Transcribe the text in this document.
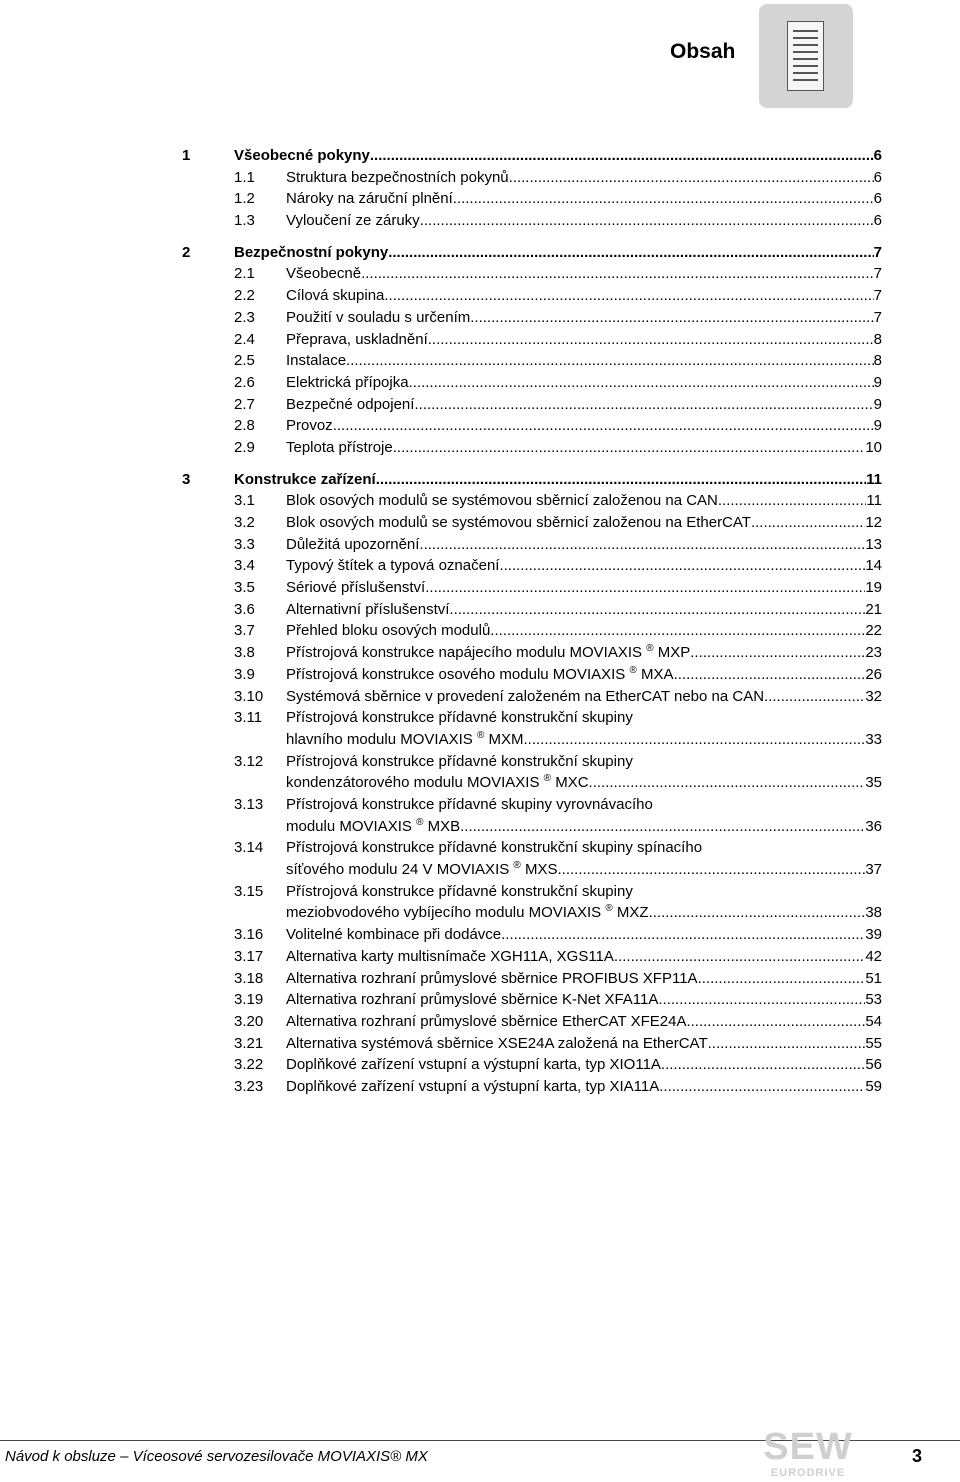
Obsah
1	Všeobecné pokyny .....	6
1.1 Struktura bezpečnostních pokynů .....	6
1.2 Nároky na záruční plnění .....	6
1.3 Vyloučení ze záruky .....	6
2	Bezpečnostní pokyny .....	7
2.1 Všeobecně .....	7
2.2 Cílová skupina .....	7
2.3 Použití v souladu s určením .....	7
2.4 Přeprava, uskladnění .....	8
2.5 Instalace .....	8
2.6 Elektrická přípojka .....	9
2.7 Bezpečné odpojení .....	9
2.8 Provoz .....	9
2.9 Teplota přístroje .....	10
3	Konstrukce zařízení .....	11
3.1 Blok osových modulů se systémovou sběrnicí založenou na CAN .....	11
3.2 Blok osových modulů se systémovou sběrnicí založenou na EtherCAT .....	12
3.3 Důležitá upozornění .....	13
3.4 Typový štítek a typová označení .....	14
3.5 Sériové příslušenství .....	19
3.6 Alternativní příslušenství .....	21
3.7 Přehled bloku osových modulů .....	22
3.8 Přístrojová konstrukce napájecího modulu MOVIAXIS ® MXP .....	23
3.9 Přístrojová konstrukce osového modulu MOVIAXIS ® MXA .....	26
3.10 Systémová sběrnice v provedení založeném na EtherCAT nebo na CAN .....	32
3.11 Přístrojová konstrukce přídavné konstrukční skupiny
hlavního modulu MOVIAXIS ® MXM .....	33
3.12 Přístrojová konstrukce přídavné konstrukční skupiny
kondenzátorového modulu MOVIAXIS ® MXC .....	35
3.13 Přístrojová konstrukce přídavné skupiny vyrovnávacího
modulu MOVIAXIS ® MXB .....	36
3.14 Přístrojová konstrukce přídavné konstrukční skupiny spínacího
síťového modulu 24 V MOVIAXIS ® MXS .....	37
3.15 Přístrojová konstrukce přídavné konstrukční skupiny
meziobvodového vybíjecího modulu MOVIAXIS ® MXZ .....	38
3.16 Volitelné kombinace při dodávce .....	39
3.17 Alternativa karty multisnímače XGH11A, XGS11A .....	42
3.18 Alternativa rozhraní průmyslové sběrnice PROFIBUS XFP11A .....	51
3.19 Alternativa rozhraní průmyslové sběrnice K-Net XFA11A .....	53
3.20 Alternativa rozhraní průmyslové sběrnice EtherCAT XFE24A .....	54
3.21 Alternativa systémová sběrnice XSE24A založená na EtherCAT .....	55
3.22 Doplňkové zařízení vstupní a výstupní karta, typ XIO11A .....	56
3.23 Doplňkové zařízení vstupní a výstupní karta, typ XIA11A .....	59
Návod k obsluze – Víceosové servozesilovače MOVIAXIS® MX	SEW
EURODRIVE
3
